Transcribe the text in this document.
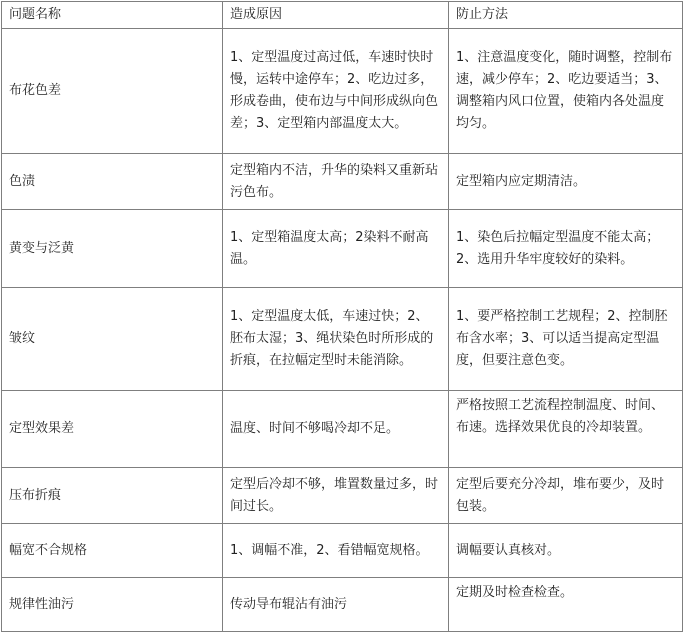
问题名称	造成原因	防止方法
布花色差	1、定型温度过高过低，车速时快时慢，运转中途停车；2、吃边过多，形成卷曲，使布边与中间形成纵向色差；3、定型箱内部温度太大。	1、注意温度变化，随时调整，控制布速，减少停车；2、吃边要适当；3、调整箱内风口位置，使箱内各处温度均匀。
色渍	定型箱内不洁，升华的染料又重新玷污色布。	定型箱内应定期清洁。
黄变与泛黄	1、定型箱温度太高；2染料不耐高温。	1、染色后拉幅定型温度不能太高；2、选用升华牢度较好的染料。
皱纹	1、定型温度太低，车速过快；2、胚布太湿；3、绳状染色时所形成的折痕，在拉幅定型时未能消除。	1、要严格控制工艺规程；2、控制胚布含水率；3、可以适当提高定型温度，但要注意色变。
定型效果差	温度、时间不够喝冷却不足。	严格按照工艺流程控制温度、时间、布速。选择效果优良的冷却装置。
压布折痕	定型后冷却不够，堆置数量过多，时间过长。	定型后要充分冷却，堆布要少，及时包装。
幅宽不合规格	1、调幅不准，2、看错幅宽规格。	调幅要认真核对。
规律性油污	传动导布辊沾有油污	定期及时检查检查。
